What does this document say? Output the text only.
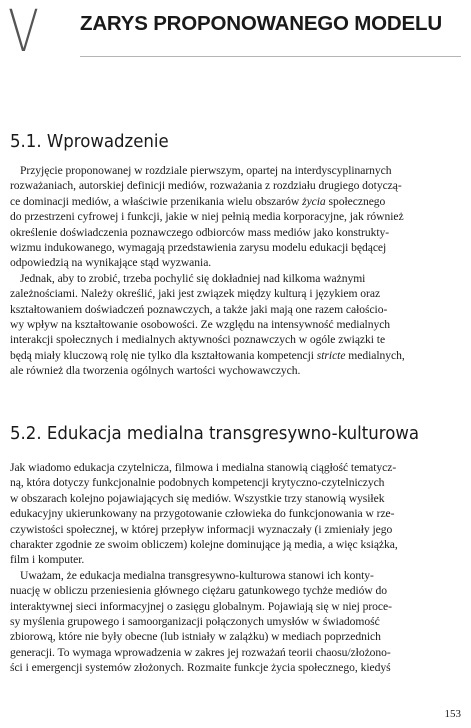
V ZARYS PROPONOWANEGO MODELU
5.1. Wprowadzenie
Przyjęcie proponowanej w rozdziale pierwszym, opartej na interdyscyplinarnych
rozważaniach, autorskiej definicji mediów, rozważania z rozdziału drugiego dotyczą-
ce dominacji mediów, a właściwie przenikania wielu obszarów życia społecznego
do przestrzeni cyfrowej i funkcji, jakie w niej pełnią media korporacyjne, jak również
określenie doświadczenia poznawczego odbiorców mass mediów jako konstrukty-
wizmu indukowanego, wymagają przedstawienia zarysu modelu edukacji będącej
odpowiedzią na wynikające stąd wyzwania.
Jednak, aby to zrobić, trzeba pochylić się dokładniej nad kilkoma ważnymi
zależnościami. Należy określić, jaki jest związek między kulturą i językiem oraz
kształtowaniem doświadczeń poznawczych, a także jaki mają one razem całościo-
wy wpływ na kształtowanie osobowości. Ze względu na intensywność medialnych
interakcji społecznych i medialnych aktywności poznawczych w ogóle związki te
będą miały kluczową rolę nie tylko dla kształtowania kompetencji stricte medialnych,
ale również dla tworzenia ogólnych wartości wychowawczych.
5.2. Edukacja medialna transgresywno-kulturowa
Jak wiadomo edukacja czytelnicza, filmowa i medialna stanowią ciągłość tematycz-
ną, która dotyczy funkcjonalnie podobnych kompetencji krytyczno-czytelniczych
w obszarach kolejno pojawiających się mediów. Wszystkie trzy stanowią wysiłek
edukacyjny ukierunkowany na przygotowanie człowieka do funkcjonowania w rze-
czywistości społecznej, w której przepływ informacji wyznaczały (i zmieniały jego
charakter zgodnie ze swoim obliczem) kolejne dominujące ją media, a więc książka,
film i komputer.
Uważam, że edukacja medialna transgresywno-kulturowa stanowi ich konty-
nuację w obliczu przeniesienia głównego ciężaru gatunkowego tychże mediów do
interaktywnej sieci informacyjnej o zasięgu globalnym. Pojawiają się w niej proce-
sy myślenia grupowego i samoorganizacji połączonych umysłów w świadomość
zbiorową, które nie były obecne (lub istniały w zalążku) w mediach poprzednich
generacji. To wymaga wprowadzenia w zakres jej rozważań teorii chaosu/złożono-
ści i emergencji systemów złożonych. Rozmaite funkcje życia społecznego, kiedyś
153
